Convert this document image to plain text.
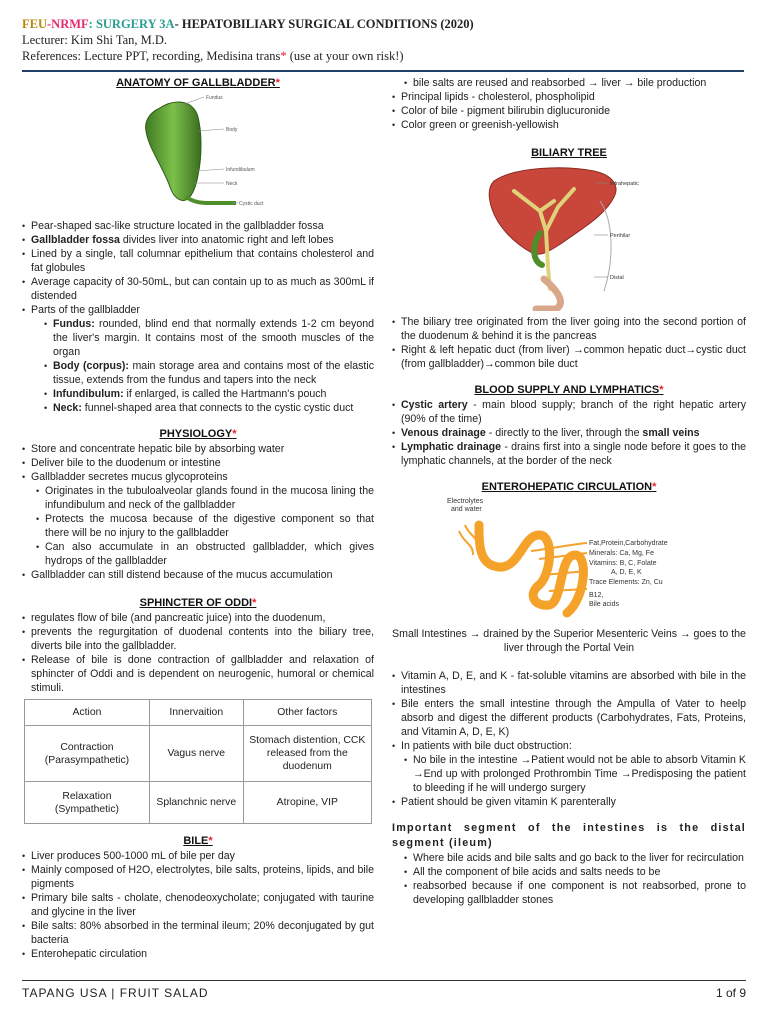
FEU-NRMF: SURGERY 3A- HEPATOBILIARY SURGICAL CONDITIONS (2020)
Lecturer: Kim Shi Tan, M.D.
References: Lecture PPT, recording, Medisina trans* (use at your own risk!)
ANATOMY OF GALLBLADDER*
Fundus
Body
Infundibulum
Neck
Cystic duct
• Pear-shaped sac-like structure located in the gallbladder fossa
• Gallbladder fossa divides liver into anatomic right and left lobes
• Lined by a single, tall columnar epithelium that contains cholesterol and fat globules
• Average capacity of 30-50mL, but can contain up to as much as 300mL if distended
• Parts of the gallbladder
• Fundus: rounded, blind end that normally extends 1-2 cm beyond the liver's margin. It contains most of the smooth muscles of the organ
• Body (corpus): main storage area and contains most of the elastic tissue, extends from the fundus and tapers into the neck
• Infundibulum: if enlarged, is called the Hartmann's pouch
• Neck: funnel-shaped area that connects to the cystic cystic duct
PHYSIOLOGY*
• Store and concentrate hepatic bile by absorbing water
• Deliver bile to the duodenum or intestine
• Gallbladder secretes mucus glycoproteins
• Originates in the tubuloalveolar glands found in the mucosa lining the infundibulum and neck of the gallbladder
• Protects the mucosa because of the digestive component so that there will be no injury to the gallbladder
• Can also accumulate in an obstructed gallbladder, which gives hydrops of the gallbladder
• Gallbladder can still distend because of the mucus accumulation
SPHINCTER OF ODDI*
• regulates flow of bile (and pancreatic juice) into the duodenum,
• prevents the regurgitation of duodenal contents into the biliary tree, diverts bile into the gallbladder.
• Release of bile is done contraction of gallbladder and relaxation of sphincter of Oddi and is dependent on neurogenic, humoral or chemical stimuli.
Action	Innervaition	Other factors
Contraction (Parasympathetic)	Vagus nerve	Stomach distention, CCK released from the duodenum
Relaxation (Sympathetic)	Splanchnic nerve	Atropine, VIP
BILE*
• Liver produces 500-1000 mL of bile per day
• Mainly composed of H2O, electrolytes, bile salts, proteins, lipids, and bile pigments
• Primary bile salts - cholate, chenodeoxycholate; conjugated with taurine and glycine in the liver
• Bile salts: 80% absorbed in the terminal ileum; 20% deconjugated by gut bacteria
• Enterohepatic circulation
• bile salts are reused and reabsorbed → liver → bile production
• Principal lipids - cholesterol, phospholipid
• Color of bile - pigment bilirubin diglucuronide
• Color green or greenish-yellowish
BILIARY TREE
Intrahepatic
Perihilar
Distal
• The biliary tree originated from the liver going into the second portion of the duodenum & behind it is the pancreas
• Right & left hepatic duct (from liver) →common hepatic duct→cystic duct (from gallbladder)→common bile duct
BLOOD SUPPLY AND LYMPHATICS*
• Cystic artery - main blood supply; branch of the right hepatic artery (90% of the time)
• Venous drainage - directly to the liver, through the small veins
• Lymphatic drainage - drains first into a single node before it goes to the lymphatic channels, at the border of the neck
ENTEROHEPATIC CIRCULATION*
Electrolytes
and water
Fat,Protein,Carbohydrate
Minerals: Ca, Mg, Fe
Vitamins: B, C, Folate
A, D, E, K
Trace Elements: Zn, Cu
B12,
Bile acids
Small Intestines → drained by the Superior Mesenteric Veins → goes to the liver through the Portal Vein
• Vitamin A, D, E, and K - fat-soluble vitamins are absorbed with bile in the intestines
• Bile enters the small intestine through the Ampulla of Vater to heelp absorb and digest the different products (Carbohydrates, Fats, Proteins, and Vitamin A, D, E, K)
• In patients with bile duct obstruction:
• No bile in the intestine →Patient would not be able to absorb Vitamin K →End up with prolonged Prothrombin Time →Predisposing the patient to bleeding if he will undergo surgery
• Patient should be given vitamin K parenterally
Important segment of the intestines is the distal segment (ileum)
• Where bile acids and bile salts and go back to the liver for recirculation
• All the component of bile acids and salts needs to be
• reabsorbed because if one component is not reabsorbed, prone to developing gallbladder stones
TAPANG USA | FRUIT SALAD	1 of 9
